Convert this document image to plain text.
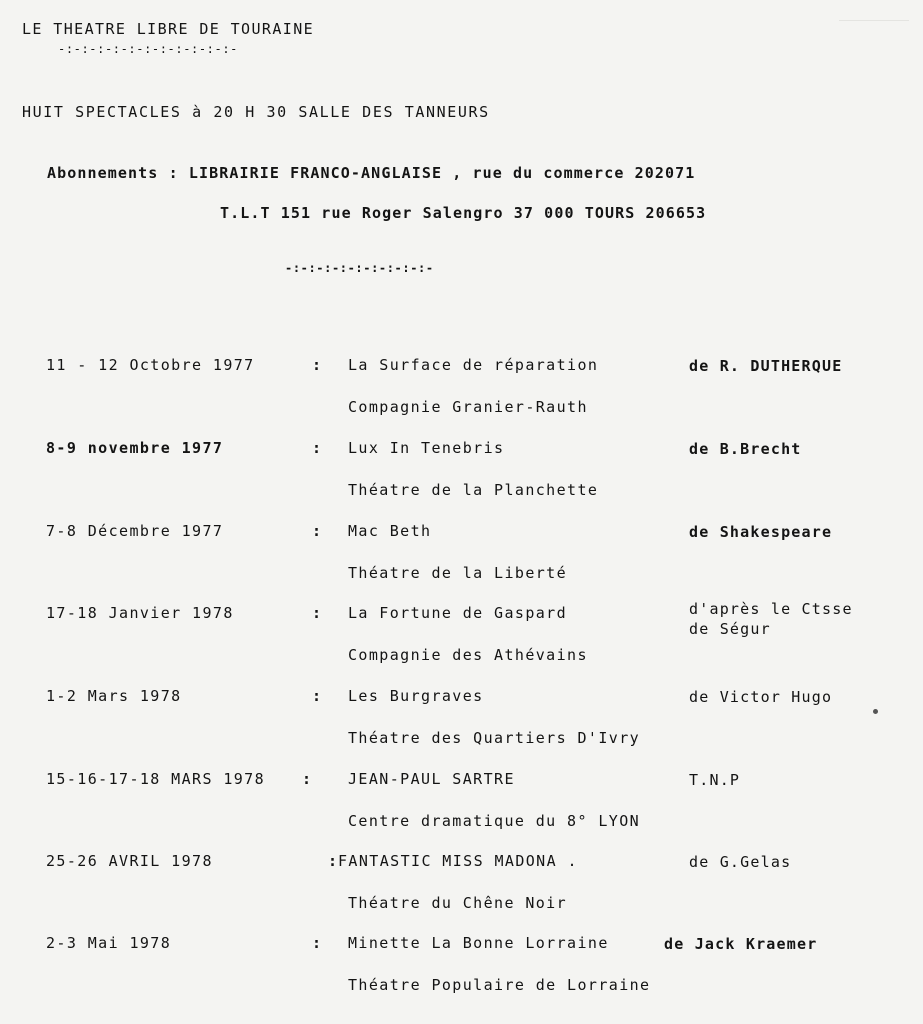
LE THEATRE LIBRE DE TOURAINE
-:-:-:-:-:-:-:-:-:-:-:-
HUIT SPECTACLES à 20 H 30 SALLE DES TANNEURS
Abonnements : LIBRAIRIE FRANCO-ANGLAISE , rue du commerce 202071
T.L.T 151 rue Roger Salengro 37 000 TOURS 206653
-:-:-:-:-:-:-:-:-:-
11 - 12 Octobre 1977	: La Surface de réparation	de R. DUTHERQUE
Compagnie Granier-Rauth
8-9 novembre 1977	: Lux In Tenebris	de B.Brecht
Théatre de la Planchette
7-8 Décembre 1977	: Mac Beth	de Shakespeare
Théatre de la Liberté
17-18 Janvier 1978	: La Fortune de Gaspard	d'après le Ctsse
de Ségur
Compagnie des Athévains
1-2 Mars 1978	: Les Burgraves	de Victor Hugo
Théatre des Quartiers D'Ivry
15-16-17-18 MARS 1978 : JEAN-PAUL SARTRE	T.N.P
Centre dramatique du 8° LYON
25-26 AVRIL 1978	: FANTASTIC MISS MADONA .	de G.Gelas
Théatre du Chêne Noir
2-3 Mai 1978	: Minette La Bonne Lorraine	de Jack Kraemer
Théatre Populaire de Lorraine
